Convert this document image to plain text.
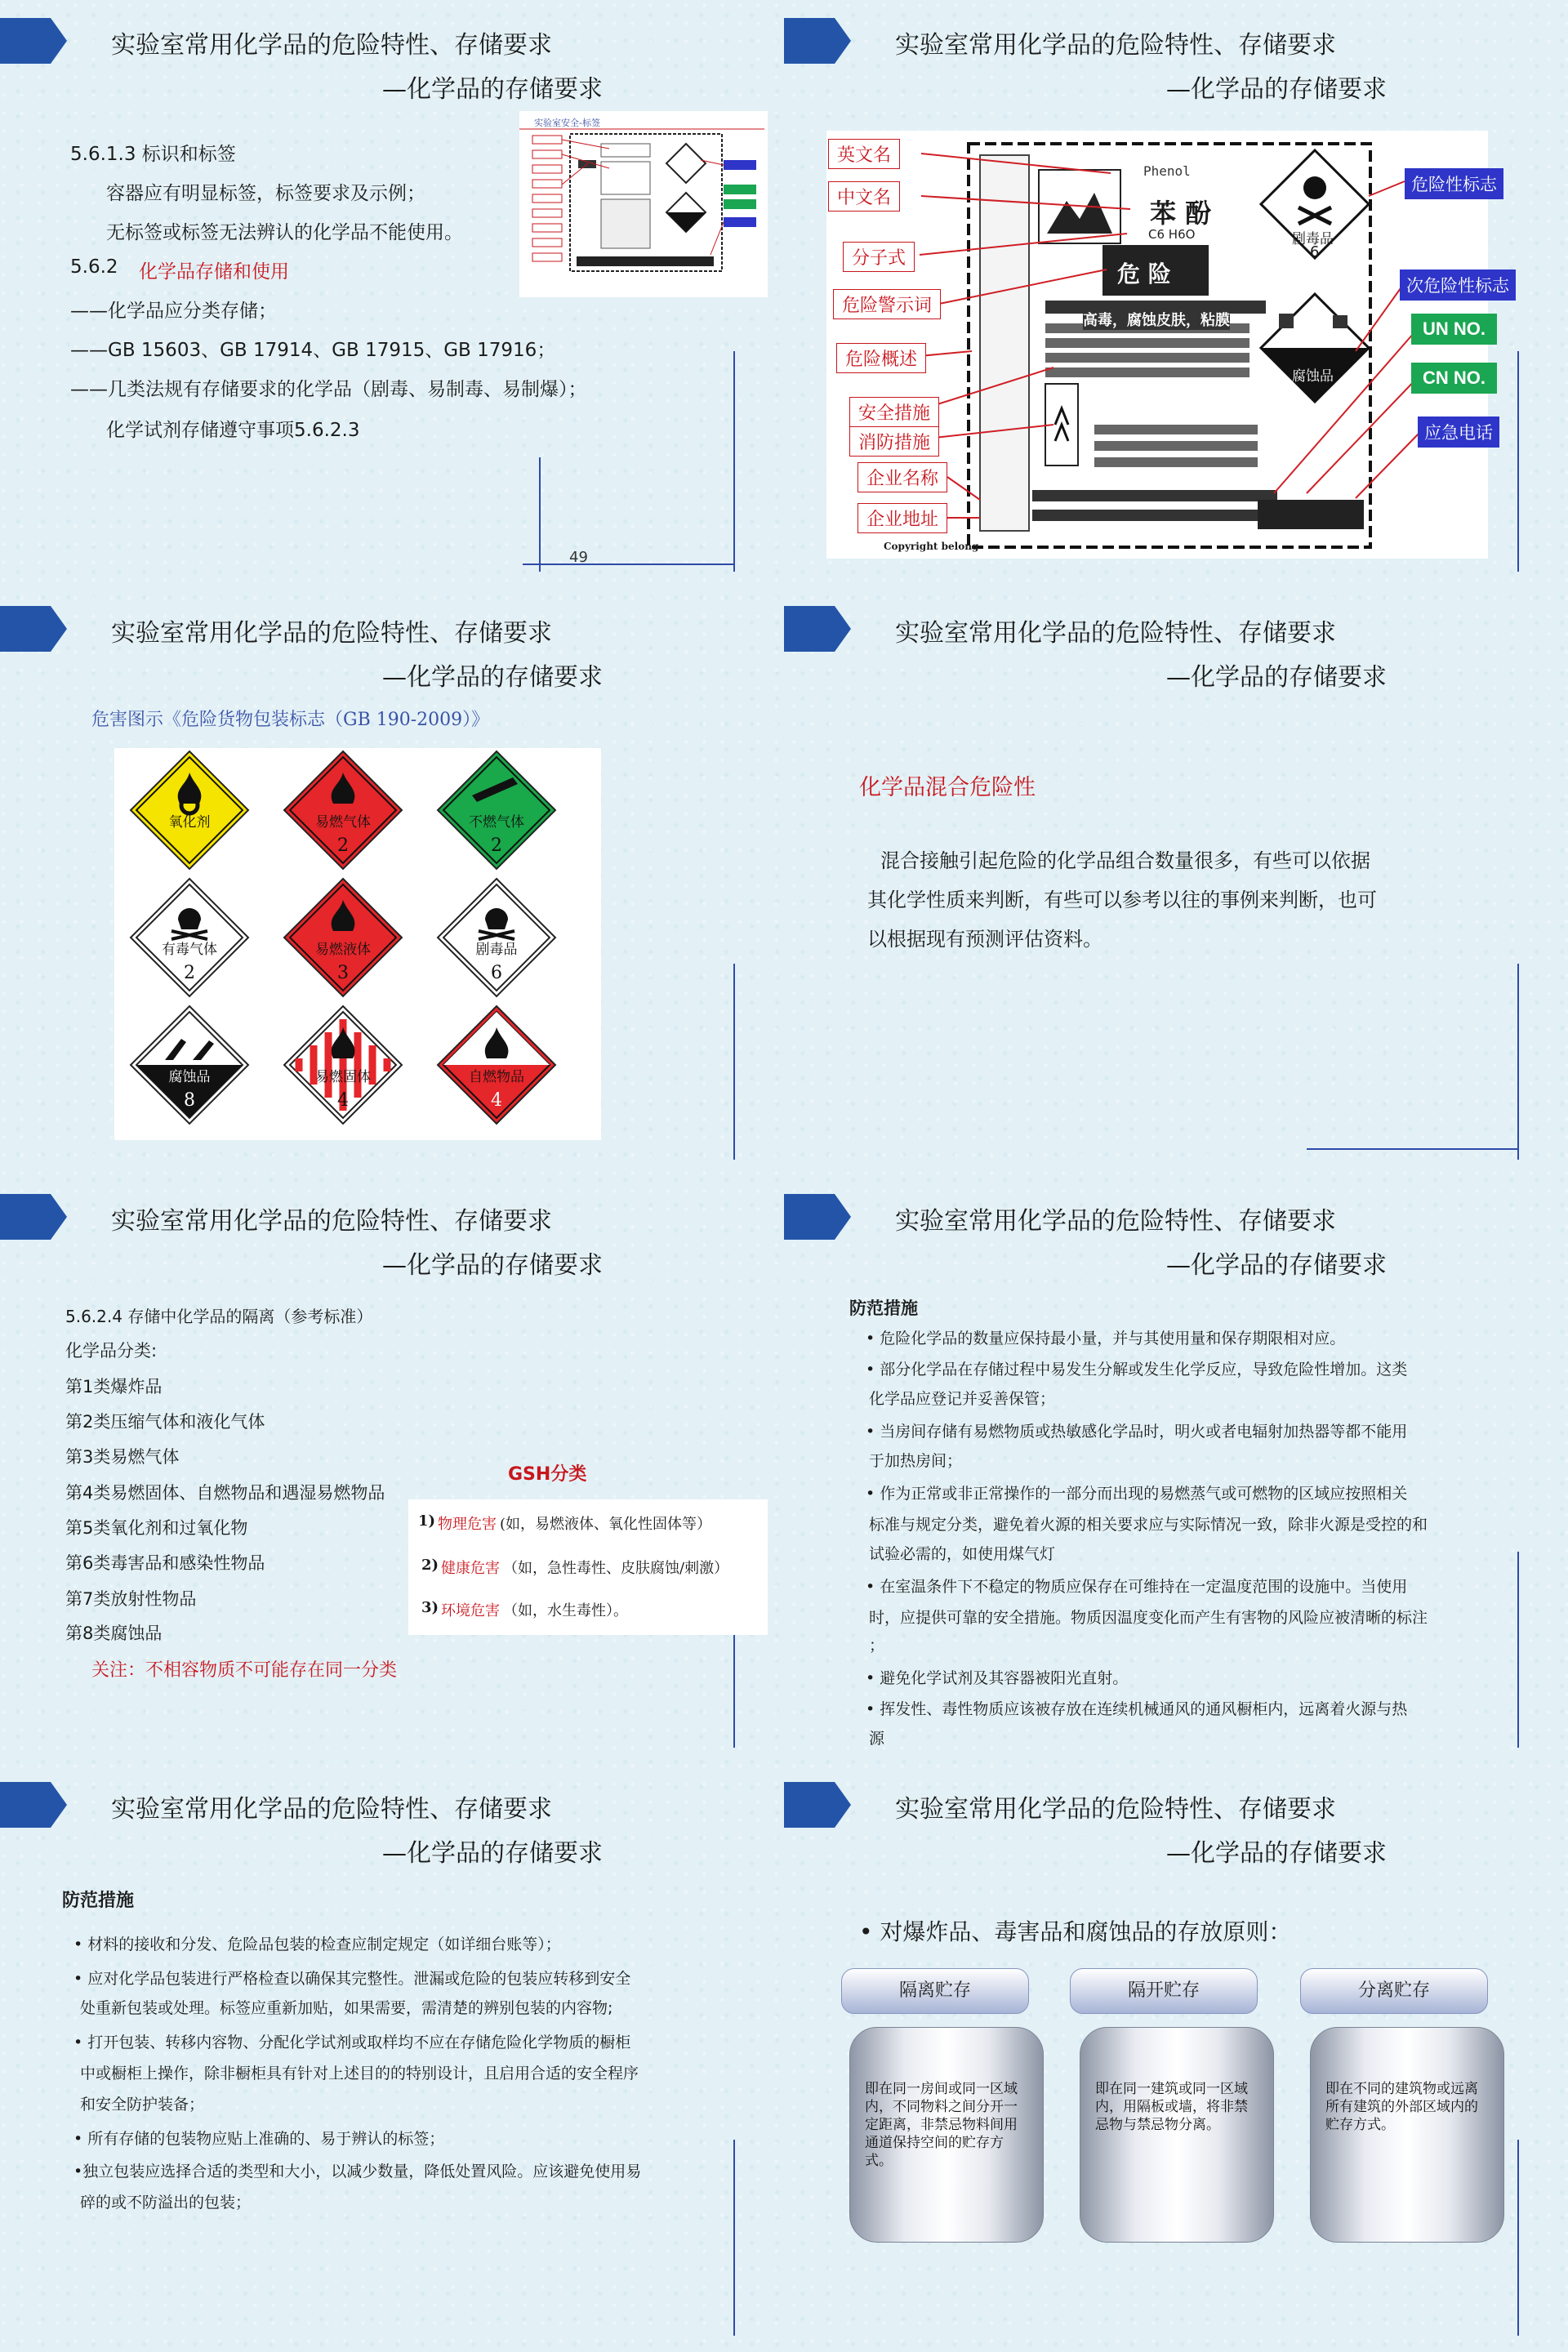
实验室常用化学品的危险特性、存储要求
—化学品的存储要求
5.6.1.3 标识和标签
容器应有明显标签，标签要求及示例；
无标签或标签无法辨认的化学品不能使用。
5.6.2 化学品存储和使用
——化学品应分类存储；
——GB 15603、GB 17914、GB 17915、GB 17916；
——几类法规有存储要求的化学品（剧毒、易制毒、易制爆）；
化学试剂存储遵守事项5.6.2.3
实验室安全-标签
49
实验室常用化学品的危险特性、存储要求
—化学品的存储要求
Phenol
苯 酚
C6 H6O
危 险
高毒，腐蚀皮肤，粘膜
剧毒品
6
腐蚀品
Copyright belong
英文名
中文名
分子式
危险警示词
危险概述
安全措施
消防措施
企业名称
企业地址
危险性标志
次危险性标志
UN NO.
CN NO.
应急电话
实验室常用化学品的危险特性、存储要求
—化学品的存储要求
危害图示《危险货物包装标志（GB 190-2009）》
氧化剂	易燃气体
2
不燃气体
2
有毒气体
2
易燃液体
3
剧毒品
6
腐蚀品
8
易燃固体
4
自燃物品
4
实验室常用化学品的危险特性、存储要求
—化学品的存储要求
化学品混合危险性
混合接触引起危险的化学品组合数量很多，有些可以依据
其化学性质来判断，有些可以参考以往的事例来判断，也可
以根据现有预测评估资料。
实验室常用化学品的危险特性、存储要求
—化学品的存储要求
5.6.2.4 存储中化学品的隔离（参考标准）
化学品分类:
第1类爆炸品
第2类压缩气体和液化气体
第3类易燃气体
第4类易燃固体、自燃物品和遇湿易燃物品
第5类氧化剂和过氧化物
第6类毒害品和感染性物品
第7类放射性物品
第8类腐蚀品
GSH分类
1) 物理危害 (如，易燃液体、氧化性固体等）
2) 健康危害 （如，急性毒性、皮肤腐蚀/刺激）
3) 环境危害 （如，水生毒性）。
关注：不相容物质不可能存在同一分类
实验室常用化学品的危险特性、存储要求
—化学品的存储要求
防范措施
• 危险化学品的数量应保持最小量，并与其使用量和保存期限相对应。
• 部分化学品在存储过程中易发生分解或发生化学反应，导致危险性增加。这类
化学品应登记并妥善保管；
• 当房间存储有易燃物质或热敏感化学品时，明火或者电辐射加热器等都不能用
于加热房间；
• 作为正常或非正常操作的一部分而出现的易燃蒸气或可燃物的区域应按照相关
标准与规定分类，避免着火源的相关要求应与实际情况一致，除非火源是受控的和
试验必需的，如使用煤气灯
• 在室温条件下不稳定的物质应保存在可维持在一定温度范围的设施中。当使用
时，应提供可靠的安全措施。物质因温度变化而产生有害物的风险应被清晰的标注
；
• 避免化学试剂及其容器被阳光直射。
• 挥发性、毒性物质应该被存放在连续机械通风的通风橱柜内，远离着火源与热
源
实验室常用化学品的危险特性、存储要求
—化学品的存储要求
防范措施
• 材料的接收和分发、危险品包装的检查应制定规定（如详细台账等）；
• 应对化学品包装进行严格检查以确保其完整性。泄漏或危险的包装应转移到安全
处重新包装或处理。标签应重新加贴，如果需要，需清楚的辨别包装的内容物;
• 打开包装、转移内容物、分配化学试剂或取样均不应在存储危险化学物质的橱柜
中或橱柜上操作，除非橱柜具有针对上述目的的特别设计，且启用合适的安全程序
和安全防护装备；
• 所有存储的包装物应贴上准确的、易于辨认的标签；
•独立包装应选择合适的类型和大小，以减少数量，降低处置风险。应该避免使用易
碎的或不防溢出的包装；
实验室常用化学品的危险特性、存储要求
—化学品的存储要求
• 对爆炸品、毒害品和腐蚀品的存放原则：
隔离贮存	隔开贮存	分离贮存
即在同一房间或同一区域内，不同物料之间分开一定距离，非禁忌物料间用通道保持空间的贮存方式。
即在同一建筑或同一区域内，用隔板或墙，将非禁忌物与禁忌物分离。
即在不同的建筑物或远离所有建筑的外部区域内的贮存方式。
